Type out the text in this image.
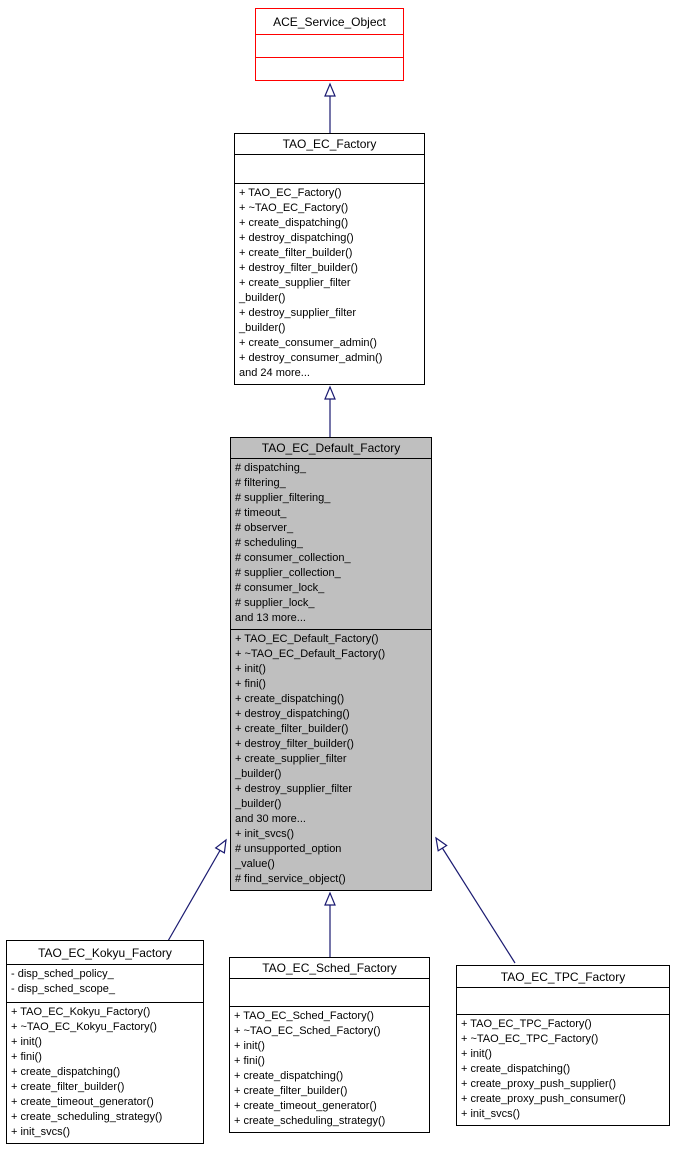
ACE_Service_Object
TAO_EC_Factory
+ TAO_EC_Factory()
+ ~TAO_EC_Factory()
+ create_dispatching()
+ destroy_dispatching()
+ create_filter_builder()
+ destroy_filter_builder()
+ create_supplier_filter
_builder()
+ destroy_supplier_filter
_builder()
+ create_consumer_admin()
+ destroy_consumer_admin()
and 24 more...
TAO_EC_Default_Factory
# dispatching_
# filtering_
# supplier_filtering_
# timeout_
# observer_
# scheduling_
# consumer_collection_
# supplier_collection_
# consumer_lock_
# supplier_lock_
and 13 more...
+ TAO_EC_Default_Factory()
+ ~TAO_EC_Default_Factory()
+ init()
+ fini()
+ create_dispatching()
+ destroy_dispatching()
+ create_filter_builder()
+ destroy_filter_builder()
+ create_supplier_filter
_builder()
+ destroy_supplier_filter
_builder()
and 30 more...
+ init_svcs()
# unsupported_option
_value()
# find_service_object()
TAO_EC_Kokyu_Factory
- disp_sched_policy_
- disp_sched_scope_
+ TAO_EC_Kokyu_Factory()
+ ~TAO_EC_Kokyu_Factory()
+ init()
+ fini()
+ create_dispatching()
+ create_filter_builder()
+ create_timeout_generator()
+ create_scheduling_strategy()
+ init_svcs()
TAO_EC_Sched_Factory
+ TAO_EC_Sched_Factory()
+ ~TAO_EC_Sched_Factory()
+ init()
+ fini()
+ create_dispatching()
+ create_filter_builder()
+ create_timeout_generator()
+ create_scheduling_strategy()
TAO_EC_TPC_Factory
+ TAO_EC_TPC_Factory()
+ ~TAO_EC_TPC_Factory()
+ init()
+ create_dispatching()
+ create_proxy_push_supplier()
+ create_proxy_push_consumer()
+ init_svcs()
